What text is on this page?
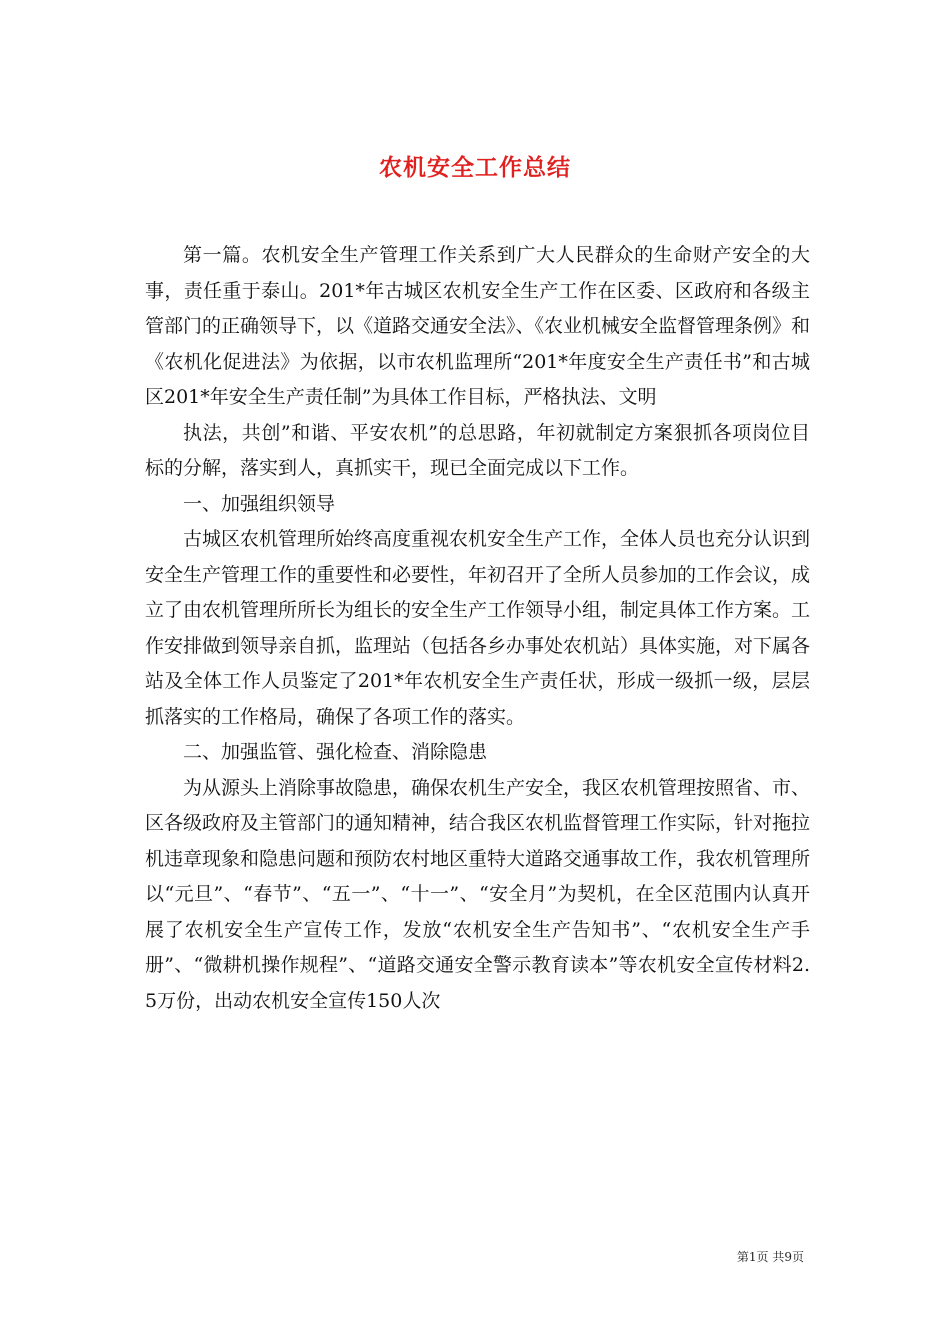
农机安全工作总结

第一篇。农机安全生产管理工作关系到广大人民群众的生命财产安全的大事，责任重于泰山。201*年古城区农机安全生产工作在区委、区政府和各级主管部门的正确领导下，以《道路交通安全法》、《农业机械安全监督管理条例》和《农机化促进法》为依据，以市农机监理所“201*年度安全生产责任书”和古城区201*年安全生产责任制”为具体工作目标，严格执法、文明

执法，共创”和谐、平安农机”的总思路，年初就制定方案狠抓各项岗位目标的分解，落实到人，真抓实干，现已全面完成以下工作。

一、加强组织领导

古城区农机管理所始终高度重视农机安全生产工作，全体人员也充分认识到安全生产管理工作的重要性和必要性，年初召开了全所人员参加的工作会议，成立了由农机管理所所长为组长的安全生产工作领导小组，制定具体工作方案。工作安排做到领导亲自抓，监理站（包括各乡办事处农机站）具体实施，对下属各站及全体工作人员鉴定了201*年农机安全生产责任状，形成一级抓一级，层层抓落实的工作格局，确保了各项工作的落实。

二、加强监管、强化检查、消除隐患

为从源头上消除事故隐患，确保农机生产安全，我区农机管理按照省、市、区各级政府及主管部门的通知精神，结合我区农机监督管理工作实际，针对拖拉机违章现象和隐患问题和预防农村地区重特大道路交通事故工作，我农机管理所以“元旦”、“春节”、“五一”、“十一”、“安全月”为契机，在全区范围内认真开展了农机安全生产宣传工作，发放“农机安全生产告知书”、“农机安全生产手册”、“微耕机操作规程”、“道路交通安全警示教育读本”等农机安全宣传材料2.5万份，出动农机安全宣传150人次

第1页 共9页
